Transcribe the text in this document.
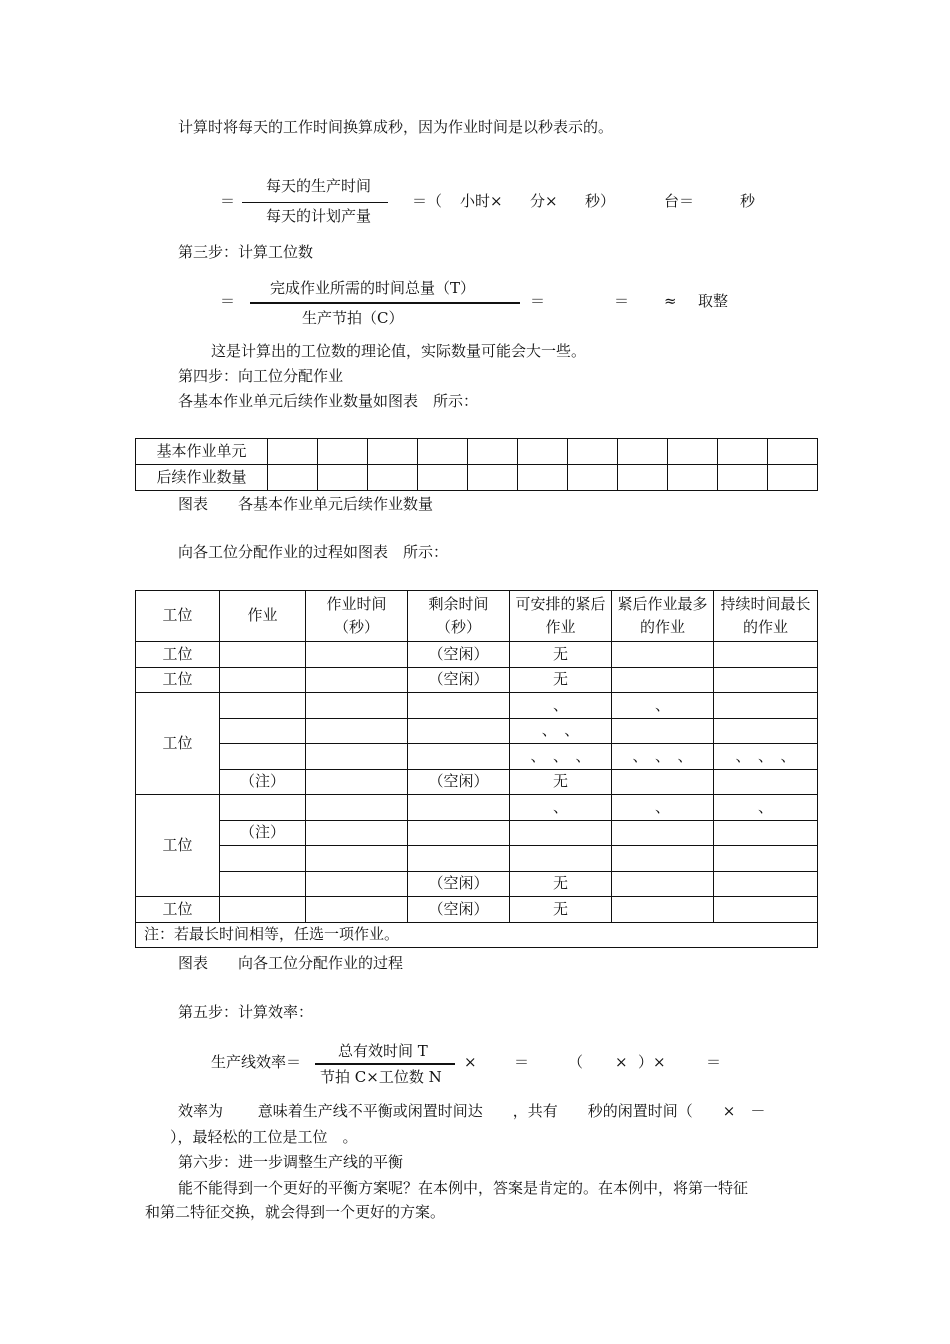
计算时将每天的工作时间换算成秒，因为作业时间是以秒表示的。
＝
每天的生产时间
每天的计划产量
＝（ 小时× 分× 秒）	台＝	秒
第三步：计算工位数
＝
完成作业所需的时间总量（T）
生产节拍（C）
＝	＝ ≈ 取整
这是计算出的工位数的理论值，实际数量可能会大一些。
第四步：向工位分配作业
各基本作业单元后续作业数量如图表　所示：
基本作业单元											
后续作业数量											
图表　　各基本作业单元后续作业数量
向各工位分配作业的过程如图表　所示：
工位	作业	作业时间（秒）	剩余时间（秒）	可安排的紧后作业	紧后作业最多的作业	持续时间最长的作业

工位			（空闲）	无		
工位			（空闲）	无		
工位				、	、	
				、　、		
				、　、　、	、　、　、	、　、　、
	（注）		（空闲）	无		
工位				、	、	、
	（注）					

			（空闲）	无		
工位			（空闲）	无		
注：若最长时间相等，任选一项作业。						
图表　　向各工位分配作业的过程
第五步：计算效率：
生产线效率＝
总有效时间 T
节拍 C×工位数 N
× ＝	（ × ）×	＝
效率为　　 意味着生产线不平衡或闲置时间达　　，共有　　秒的闲置时间（　　×　－
），最轻松的工位是工位　。
第六步：进一步调整生产线的平衡
能不能得到一个更好的平衡方案呢？在本例中，答案是肯定的。在本例中，将第一特征
和第二特征交换，就会得到一个更好的方案。
